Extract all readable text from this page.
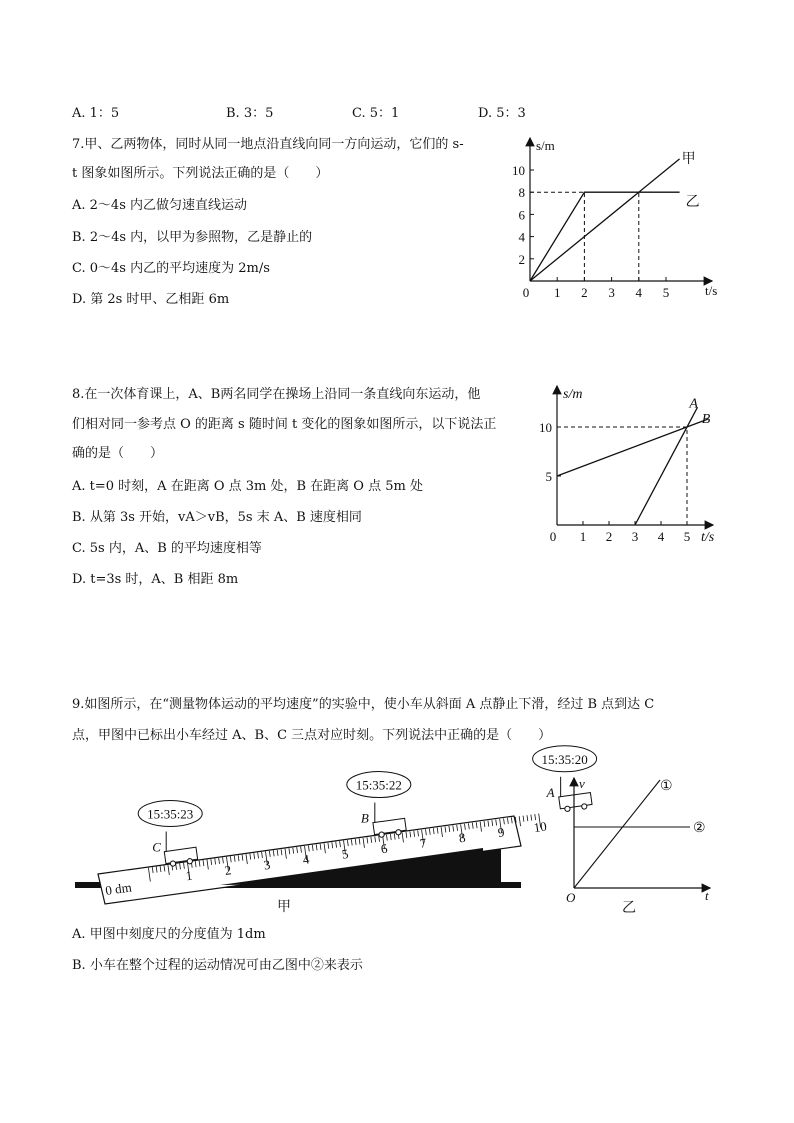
A. 1：5	B. 3：5	C. 5：1	D. 5：3
7.甲、乙两物体，同时从同一地点沿直线向同一方向运动，它们的 s-
t 图象如图所示。下列说法正确的是（　　）
A. 2～4s 内乙做匀速直线运动
B. 2～4s 内，以甲为参照物，乙是静止的
C. 0～4s 内乙的平均速度为 2m/s
D. 第 2s 时甲、乙相距 6m
s/m
t/s
0 1 2 3 4 5
2
4
6
8
10
甲
乙
8.在一次体育课上，A、B两名同学在操场上沿同一条直线向东运动，他
们相对同一参考点 O 的距离 s 随时间 t 变化的图象如图所示，以下说法正
确的是（　　）
A. t=0 时刻，A 在距离 O 点 3m 处，B 在距离 O 点 5m 处
B. 从第 3s 开始，vA＞vB，5s 末 A、B 速度相同
C. 5s 内，A、B 的平均速度相等
D. t=3s 时，A、B 相距 8m
s/m
t/s
0 1 2 3 4 5
5
10
A
B
9.如图所示，在“测量物体运动的平均速度”的实验中，使小车从斜面 A 点静止下滑，经过 B 点到达 C
点，甲图中已标出小车经过 A、B、C 三点对应时刻。下列说法中正确的是（　　）
1 2 3 4 5 6 7 8 9 10
0 dm
A
15:35:20
B
15:35:22
C
15:35:23
甲
v
t
O
①
②
乙
A. 甲图中刻度尺的分度值为 1dm
B. 小车在整个过程的运动情况可由乙图中②来表示
